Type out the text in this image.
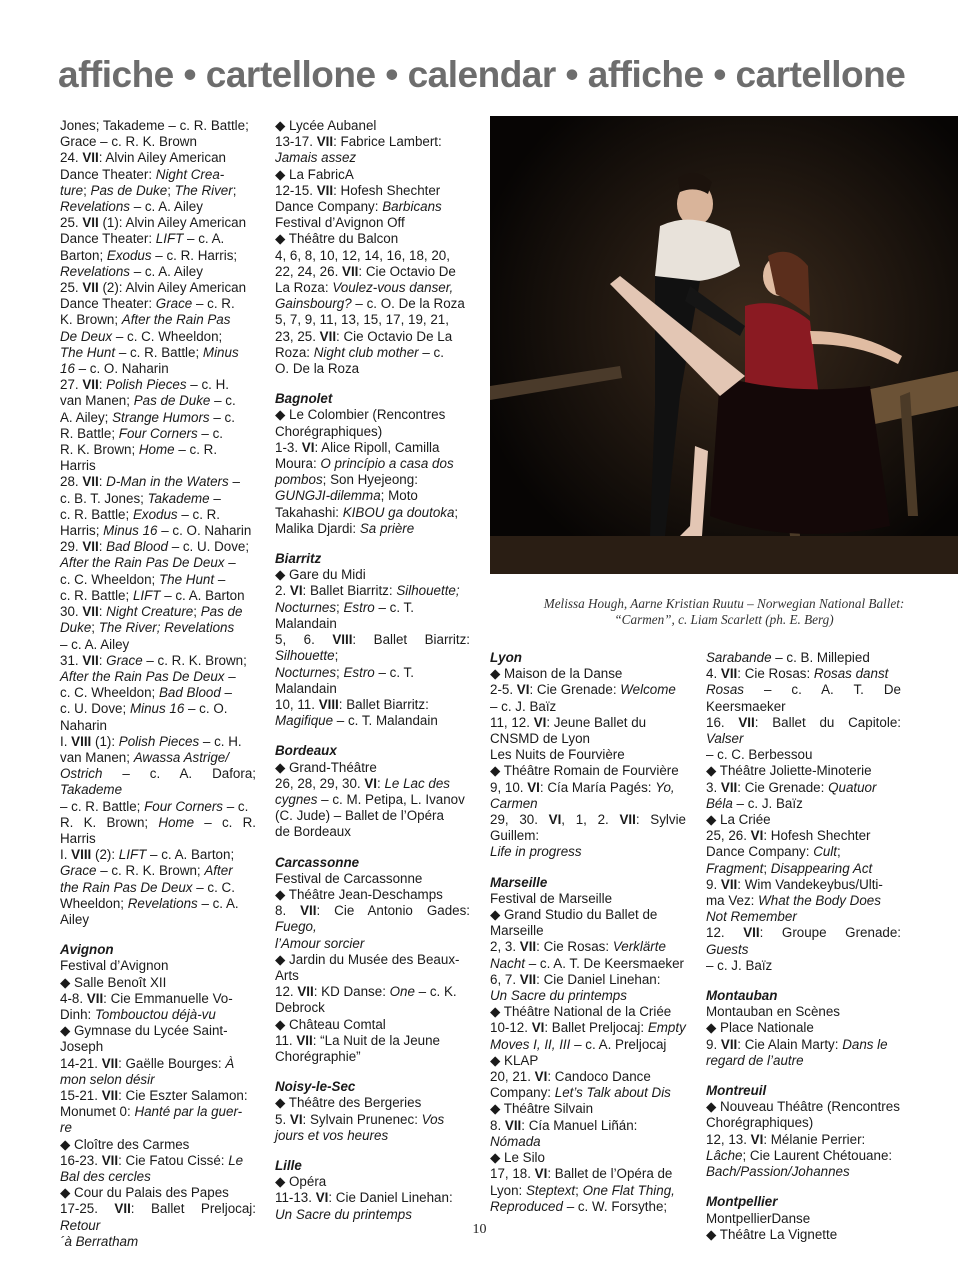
affiche • cartellone • calendar • affiche • cartellone
Jones; Takademe – c. R. Battle;
Grace – c. R. K. Brown
24. VII: Alvin Ailey American
Dance Theater: Night Crea-
ture; Pas de Duke; The River;
Revelations – c. A. Ailey
25. VII (1): Alvin Ailey American
Dance Theater: LIFT – c. A.
Barton; Exodus – c. R. Harris;
Revelations – c. A. Ailey
25. VII (2): Alvin Ailey American
Dance Theater: Grace – c. R.
K. Brown; After the Rain Pas
De Deux – c. C. Wheeldon;
The Hunt – c. R. Battle; Minus
16 – c. O. Naharin
27. VII: Polish Pieces – c. H.
van Manen; Pas de Duke – c.
A. Ailey; Strange Humors – c.
R. Battle; Four Corners – c.
R. K. Brown; Home – c. R.
Harris
28. VII: D-Man in the Waters –
c. B. T. Jones; Takademe –
c. R. Battle; Exodus – c. R.
Harris; Minus 16 – c. O. Naharin
29. VII: Bad Blood – c. U. Dove;
After the Rain Pas De Deux –
c. C. Wheeldon; The Hunt –
c. R. Battle; LIFT – c. A. Barton
30. VII: Night Creature; Pas de
Duke; The River; Revelations
– c. A. Ailey
31. VII: Grace – c. R. K. Brown;
After the Rain Pas De Deux –
c. C. Wheeldon; Bad Blood –
c. U. Dove; Minus 16 – c. O.
Naharin
I. VIII (1): Polish Pieces – c. H.
van Manen; Awassa Astrige/
Ostrich – c. A. Dafora; Takademe
– c. R. Battle; Four Corners – c.
R. K. Brown; Home – c. R. Harris
I. VIII (2): LIFT – c. A. Barton;
Grace – c. R. K. Brown; After
the Rain Pas De Deux – c. C.
Wheeldon; Revelations – c. A.
Ailey
Avignon
Festival d’Avignon
◆ Salle Benoît XII
4-8. VII: Cie Emmanuelle Vo-
Dinh: Tombouctou déjà-vu
◆ Gymnase du Lycée Saint-
Joseph
14-21. VII: Gaëlle Bourges: À
mon selon désir
15-21. VII: Cie Eszter Salamon:
Monumet 0: Hanté par la guer-
re
◆ Cloître des Carmes
16-23. VII: Cie Fatou Cissé: Le
Bal des cercles
◆ Cour du Palais des Papes
17-25. VII: Ballet Preljocaj: Retour
´à Berratham
◆ Lycée Aubanel
13-17. VII: Fabrice Lambert:
Jamais assez
◆ La FabricA
12-15. VII: Hofesh Shechter
Dance Company: Barbicans
Festival d’Avignon Off
◆ Théâtre du Balcon
4, 6, 8, 10, 12, 14, 16, 18, 20,
22, 24, 26. VII: Cie Octavio De
La Roza: Voulez-vous danser,
Gainsbourg? – c. O. De la Roza
5, 7, 9, 11, 13, 15, 17, 19, 21,
23, 25. VII: Cie Octavio De La
Roza: Night club mother – c.
O. De la Roza
Bagnolet
◆ Le Colombier (Rencontres
Chorégraphiques)
1-3. VI: Alice Ripoll, Camilla
Moura: O princípio a casa dos
pombos; Son Hyejeong:
GUNGJI-dilemma; Moto
Takahashi: KIBOU ga doutoka;
Malika Djardi: Sa prière
Biarritz
◆ Gare du Midi
2. VI: Ballet Biarritz: Silhouette;
Nocturnes; Estro – c. T.
Malandain
5, 6. VIII: Ballet Biarritz: Silhouette;
Nocturnes; Estro – c. T.
Malandain
10, 11. VIII: Ballet Biarritz:
Magifique – c. T. Malandain
Bordeaux
◆ Grand-Théâtre
26, 28, 29, 30. VI: Le Lac des
cygnes – c. M. Petipa, L. Ivanov
(C. Jude) – Ballet de l’Opéra
de Bordeaux
Carcassonne
Festival de Carcassonne
◆ Théâtre Jean-Deschamps
8. VII: Cie Antonio Gades: Fuego,
l’Amour sorcier
◆ Jardin du Musée des Beaux-
Arts
12. VII: KD Danse: One – c. K.
Debrock
◆ Château Comtal
11. VII: “La Nuit de la Jeune
Chorégraphie”
Noisy-le-Sec
◆ Théâtre des Bergeries
5. VI: Sylvain Prunenec: Vos
jours et vos heures
Lille
◆ Opéra
11-13. VI: Cie Daniel Linehan:
Un Sacre du printemps
Melissa Hough, Aarne Kristian Ruutu – Norwegian National Ballet:
“Carmen”, c. Liam Scarlett (ph. E. Berg)
Lyon
◆ Maison de la Danse
2-5. VI: Cie Grenade: Welcome
– c. J. Baïz
11, 12. VI: Jeune Ballet du
CNSMD de Lyon
Les Nuits de Fourvière
◆ Théâtre Romain de Fourvière
9, 10. VI: Cía María Pagés: Yo,
Carmen
29, 30. VI, 1, 2. VII: Sylvie Guillem:
Life in progress
Marseille
Festival de Marseille
◆ Grand Studio du Ballet de
Marseille
2, 3. VII: Cie Rosas: Verklärte
Nacht – c. A. T. De Keersmaeker
6, 7. VII: Cie Daniel Linehan:
Un Sacre du printemps
◆ Théâtre National de la Criée
10-12. VI: Ballet Preljocaj: Empty
Moves I, II, III – c. A. Preljocaj
◆ KLAP
20, 21. VI: Candoco Dance
Company: Let’s Talk about Dis
◆ Théâtre Silvain
8. VII: Cía Manuel Liñán:
Nómada
◆ Le Silo
17, 18. VI: Ballet de l’Opéra de
Lyon: Steptext; One Flat Thing,
Reproduced – c. W. Forsythe;
Sarabande – c. B. Millepied
4. VII: Cie Rosas: Rosas danst
Rosas – c. A. T. De Keersmaeker
16. VII: Ballet du Capitole: Valser
– c. C. Berbessou
◆ Théâtre Joliette-Minoterie
3. VII: Cie Grenade: Quatuor
Béla – c. J. Baïz
◆ La Criée
25, 26. VI: Hofesh Shechter
Dance Company: Cult;
Fragment; Disappearing Act
9. VII: Wim Vandekeybus/Ulti-
ma Vez: What the Body Does
Not Remember
12. VII: Groupe Grenade: Guests
– c. J. Baïz
Montauban
Montauban en Scènes
◆ Place Nationale
9. VII: Cie Alain Marty: Dans le
regard de l’autre
Montreuil
◆ Nouveau Théâtre (Rencontres
Chorégraphiques)
12, 13. VI: Mélanie Perrier:
Lâche; Cie Laurent Chétouane:
Bach/Passion/Johannes
Montpellier
MontpellierDanse
◆ Théâtre La Vignette
10
